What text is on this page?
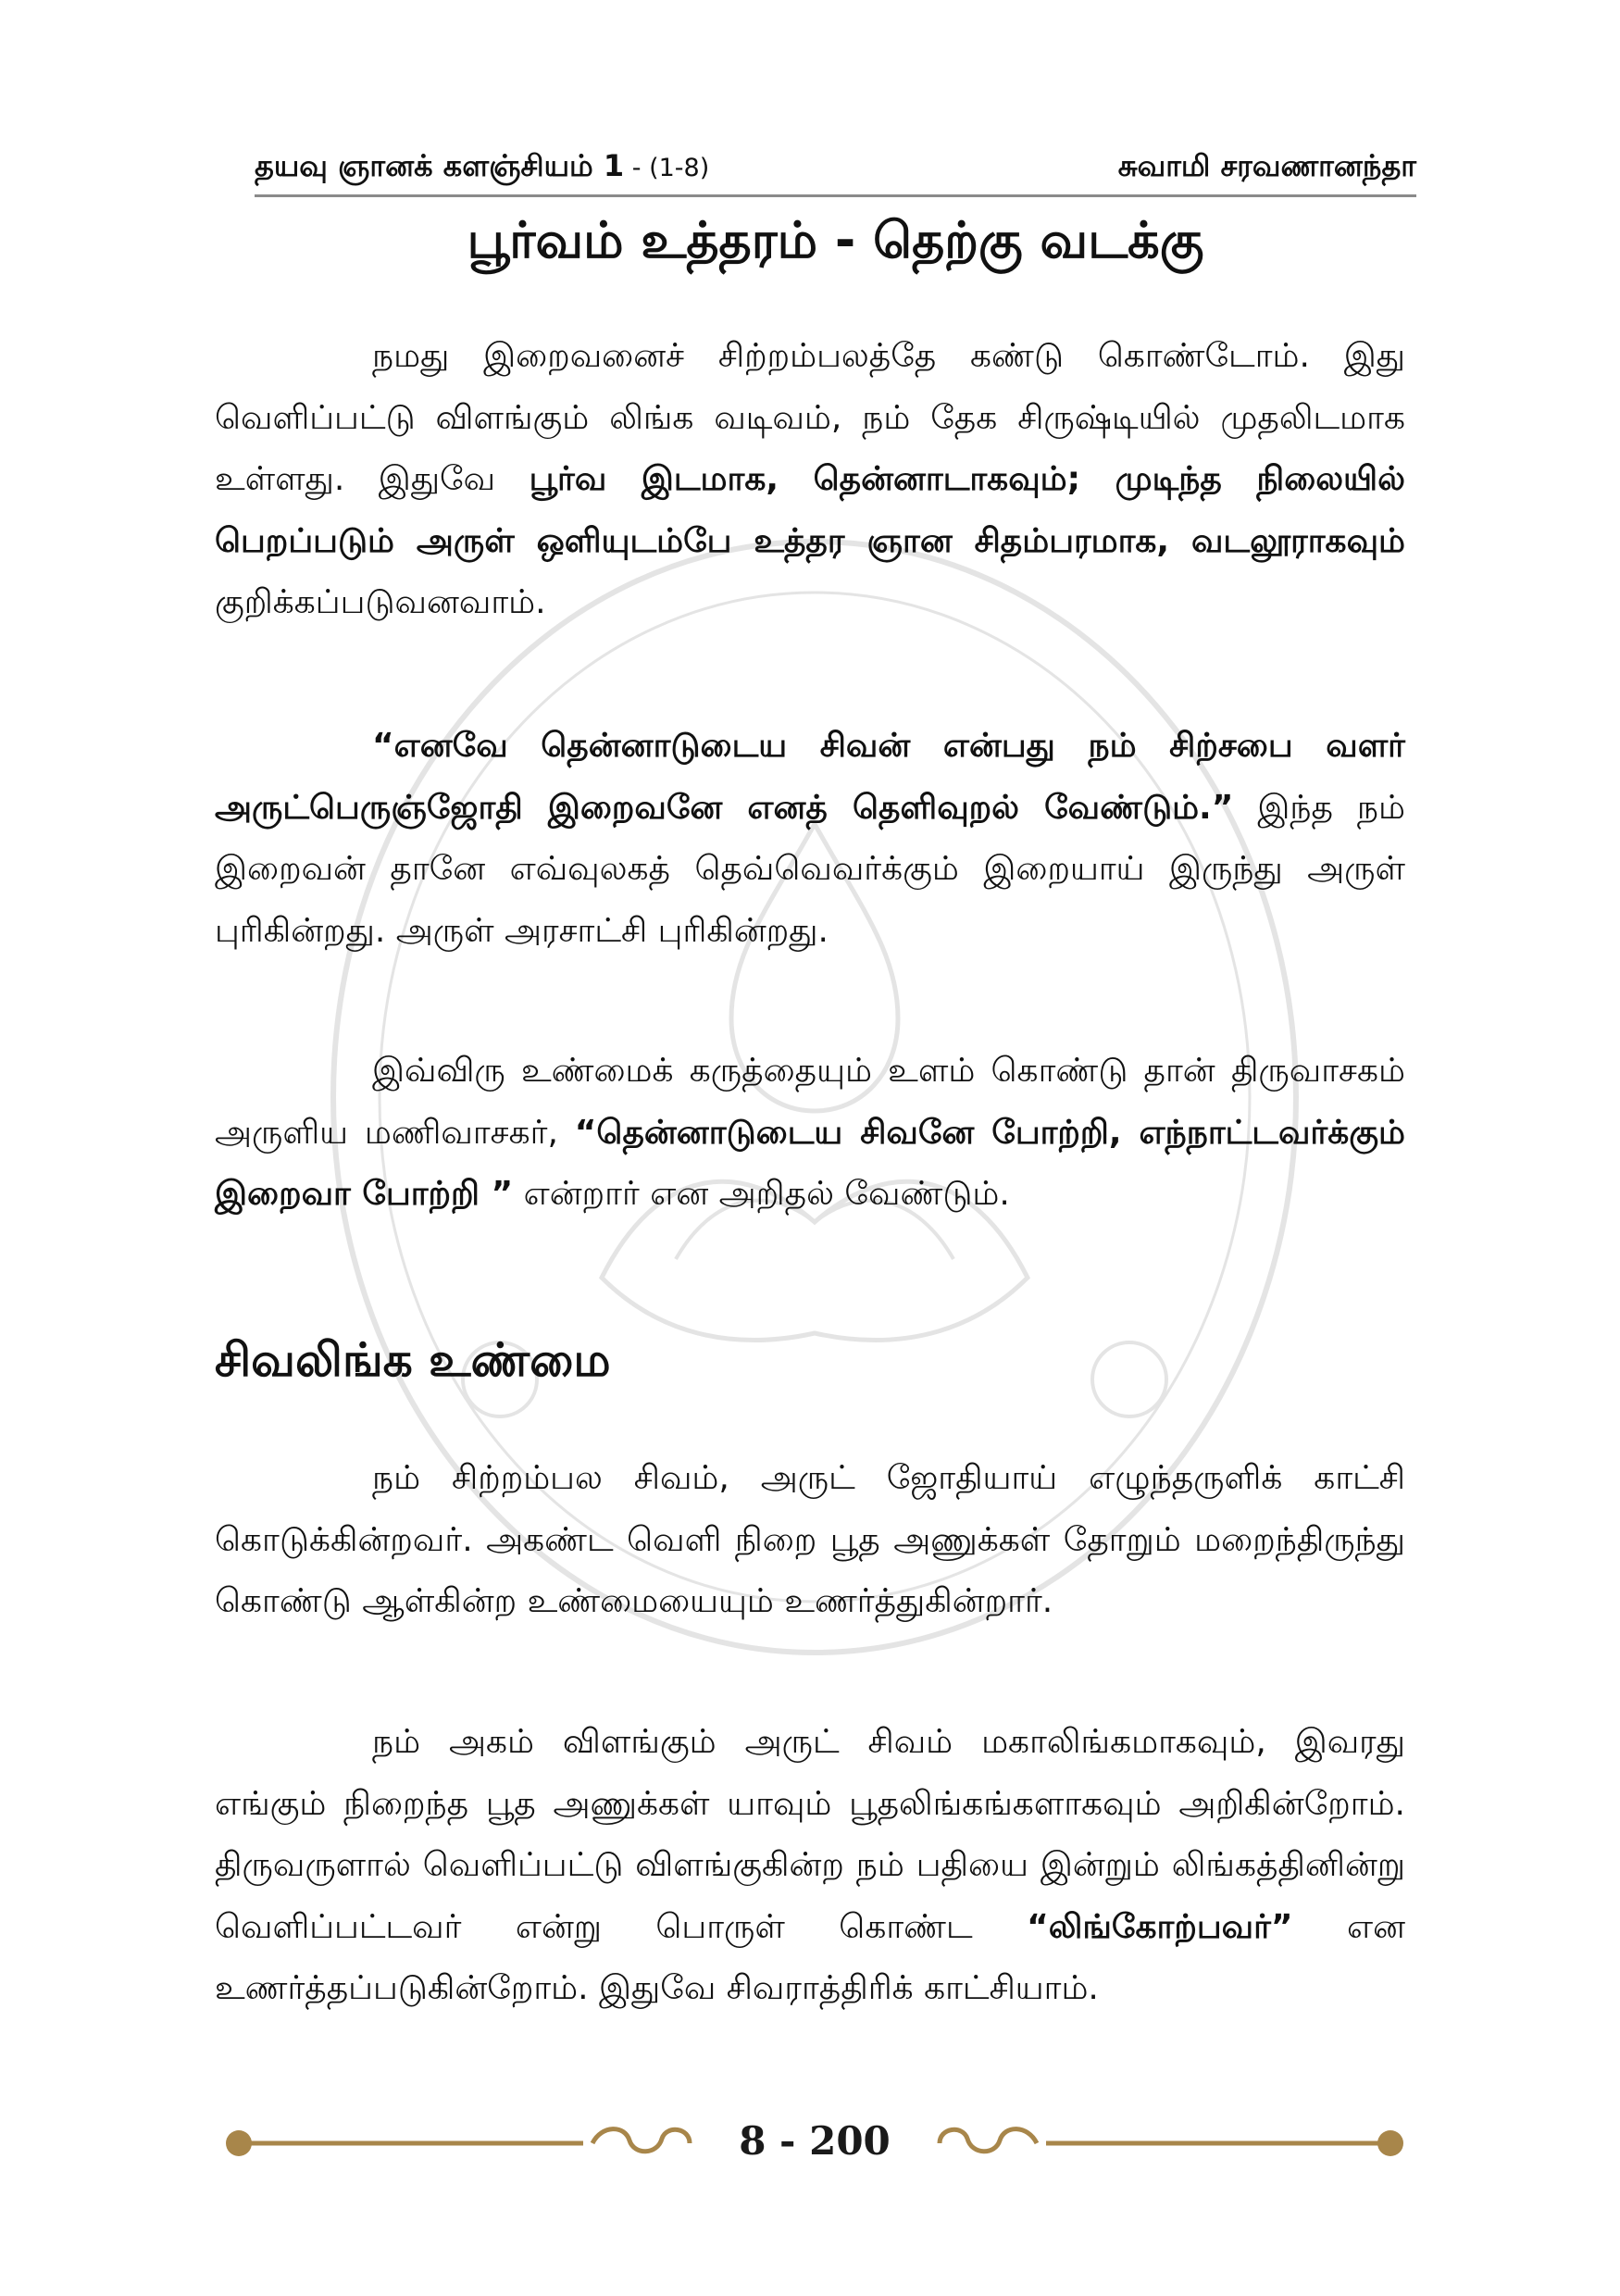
தயவு ஞானக் களஞ்சியம் 1 - (1-8)	சுவாமி சரவணானந்தா
பூர்வம் உத்தரம் - தெற்கு வடக்கு

நமது இறைவனைச் சிற்றம்பலத்தே கண்டு கொண்டோம். இது வெளிப்பட்டு விளங்கும் லிங்க வடிவம், நம் தேக சிருஷ்டியில் முதலிடமாக உள்ளது. இதுவே பூர்வ இடமாக, தென்னாடாகவும்; முடிந்த நிலையில் பெறப்படும் அருள் ஒளியுடம்பே உத்தர ஞான சிதம்பரமாக, வடலூராகவும் குறிக்கப்படுவனவாம்.

“எனவே தென்னாடுடைய சிவன் என்பது நம் சிற்சபை வளர் அருட்பெருஞ்ஜோதி இறைவனே எனத் தெளிவுறல் வேண்டும்.” இந்த நம் இறைவன் தானே எவ்வுலகத் தெவ்வெவர்க்கும் இறையாய் இருந்து அருள் புரிகின்றது. அருள் அரசாட்சி புரிகின்றது.

இவ்விரு உண்மைக் கருத்தையும் உளம் கொண்டு தான் திருவாசகம் அருளிய மணிவாசகர், “தென்னாடுடைய சிவனே போற்றி, எந்நாட்டவர்க்கும் இறைவா போற்றி ” என்றார் என அறிதல் வேண்டும்.

சிவலிங்க உண்மை

நம் சிற்றம்பல சிவம், அருட் ஜோதியாய் எழுந்தருளிக் காட்சி கொடுக்கின்றவர். அகண்ட வெளி நிறை பூத அணுக்கள் தோறும் மறைந்திருந்து கொண்டு ஆள்கின்ற உண்மையையும் உணர்த்துகின்றார்.

நம் அகம் விளங்கும் அருட் சிவம் மகாலிங்கமாகவும், இவரது எங்கும் நிறைந்த பூத அணுக்கள் யாவும் பூதலிங்கங்களாகவும் அறிகின்றோம். திருவருளால் வெளிப்பட்டு விளங்குகின்ற நம் பதியை இன்றும் லிங்கத்தினின்று வெளிப்பட்டவர் என்று பொருள் கொண்ட “லிங்கோற்பவர்” என உணர்த்தப்படுகின்றோம். இதுவே சிவராத்திரிக் காட்சியாம்.

8 - 200
